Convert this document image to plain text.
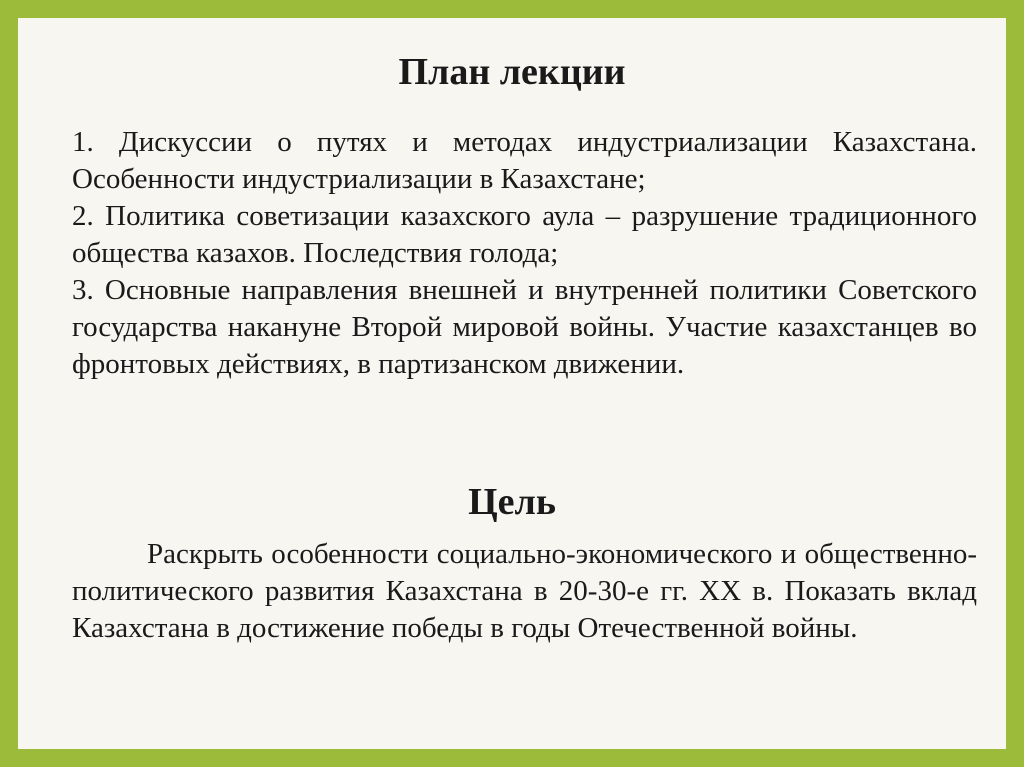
План лекции
1. Дискуссии о путях и методах индустриализации Казахстана. Особенности индустриализации в Казахстане;
2. Политика советизации казахского аула – разрушение традиционного общества казахов. Последствия голода;
3. Основные направления внешней и внутренней политики Советского государства накануне Второй мировой войны. Участие казахстанцев во фронтовых действиях, в партизанском движении.
Цель
Раскрыть особенности социально-экономического и общественно-политического развития Казахстана в 20-30-е гг. XX в. Показать вклад Казахстана в достижение победы в годы Отечественной войны.
